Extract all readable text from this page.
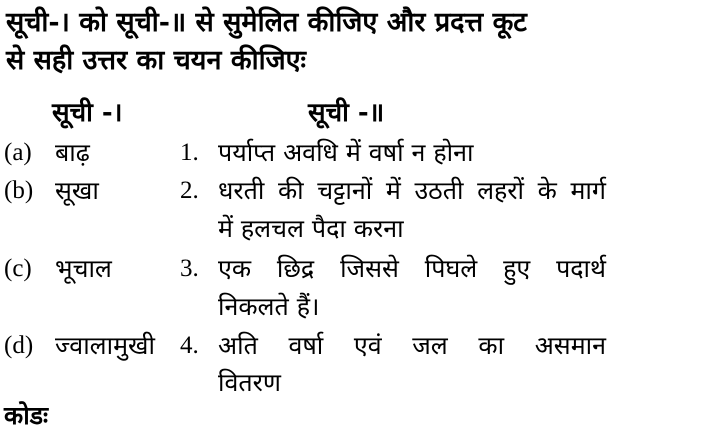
सूची-। को सूची-॥ से सुमेलित कीजिए और प्रदत्त कूट
से सही उत्तर का चयन कीजिएः
सूची -।	सूची -॥
(a) बाढ़	1. पर्याप्त अवधि में वर्षा न होना
(b) सूखा	2. धरती की चट्टानों में उठती लहरों के मार्ग
में हलचल पैदा करना
(c) भूचाल	3. एक छिद्र जिससे पिघले हुए पदार्थ
निकलते हैं।
(d) ज्वालामुखी 4. अति वर्षा एवं जल का असमान
वितरण
कोडः
